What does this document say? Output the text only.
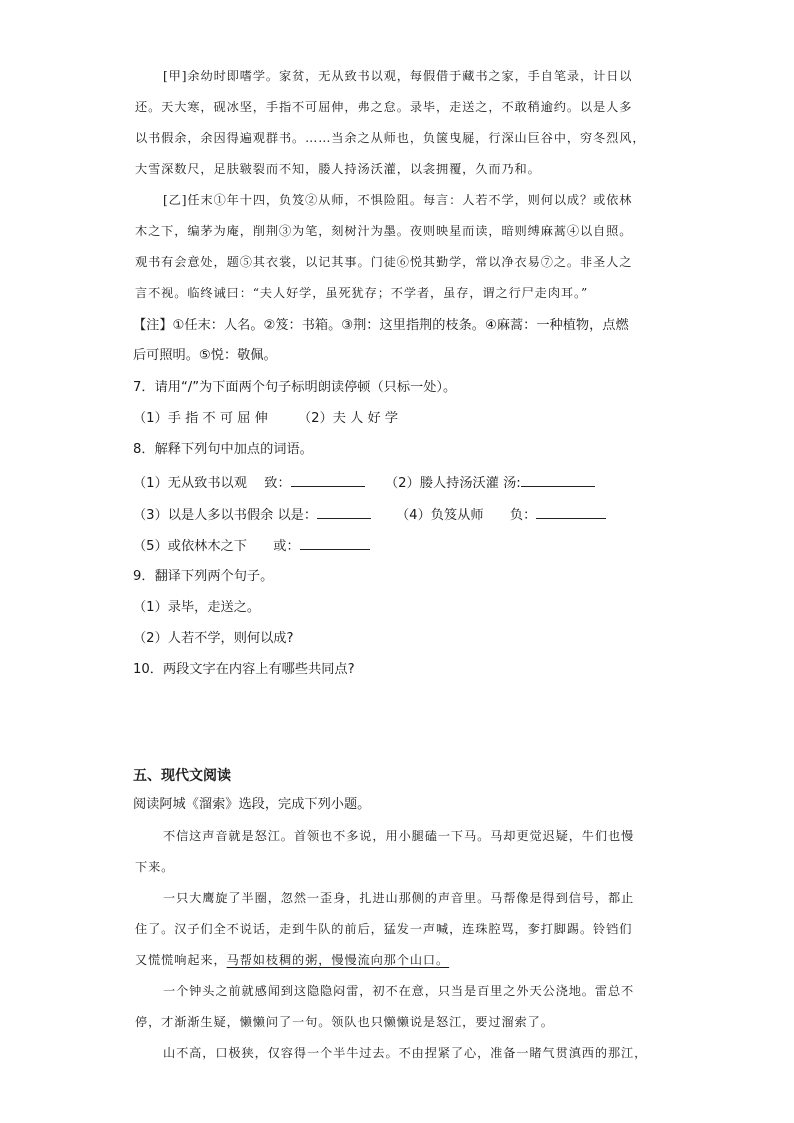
[甲]余幼时即嗜学。家贫，无从致书以观，每假借于藏书之家，手自笔录，计日以
还。天大寒，砚冰坚，手指不可屈伸，弗之怠。录毕，走送之，不敢稍逾约。以是人多
以书假余，余因得遍观群书。……当余之从师也，负箧曳屣，行深山巨谷中，穷冬烈风，
大雪深数尺，足肤皲裂而不知，媵人持汤沃灌，以衾拥覆，久而乃和。
[乙]任末①年十四，负笈②从师，不惧险阻。每言：人若不学，则何以成？或依林
木之下，编茅为庵，削荆③为笔，刻树汁为墨。夜则映星而读，暗则缚麻蒿④以自照。
观书有会意处，题⑤其衣裳，以记其事。门徒⑥悦其勤学，常以净衣易⑦之。非圣人之
言不视。临终诫曰：“夫人好学，虽死犹存；不学者，虽存，谓之行尸走肉耳。”
【注】①任末：人名。②笈：书箱。③荆：这里指荆的枝条。④麻蒿：一种植物，点燃
后可照明。⑤悦：敬佩。
7．请用“/”为下面两个句子标明朗读停顿（只标一处）。
（1）手 指 不 可 屈 伸 （2）夫 人 好 学
8．解释下列句中加点的词语。
（1）无从致书以观　 致：	（2）媵人持汤沃灌 汤:
（3）以是人多以书假余 以是：	（4）负笈从师　　负：
（5）或依林木之下　　或：
9．翻译下列两个句子。
（1）录毕，走送之。
（2）人若不学，则何以成?
10．两段文字在内容上有哪些共同点?
五、现代文阅读
阅读阿城《溜索》选段，完成下列小题。
不信这声音就是怒江。首领也不多说，用小腿磕一下马。马却更觉迟疑，牛们也慢
下来。
一只大鹰旋了半圈，忽然一歪身，扎进山那侧的声音里。马帮像是得到信号，都止
住了。汉子们全不说话，走到牛队的前后，猛发一声喊，连珠腔骂，奓打脚踢。铃铛们
又慌慌响起来，马帮如枝稠的粥，慢慢流向那个山口。
一个钟头之前就感闻到这隐隐闷雷，初不在意，只当是百里之外天公浇地。雷总不
停，才渐渐生疑，懒懒问了一句。领队也只懒懒说是怒江，要过溜索了。
山不高，口极狭，仅容得一个半牛过去。不由捏紧了心，准备一睹气贯滇西的那江，
